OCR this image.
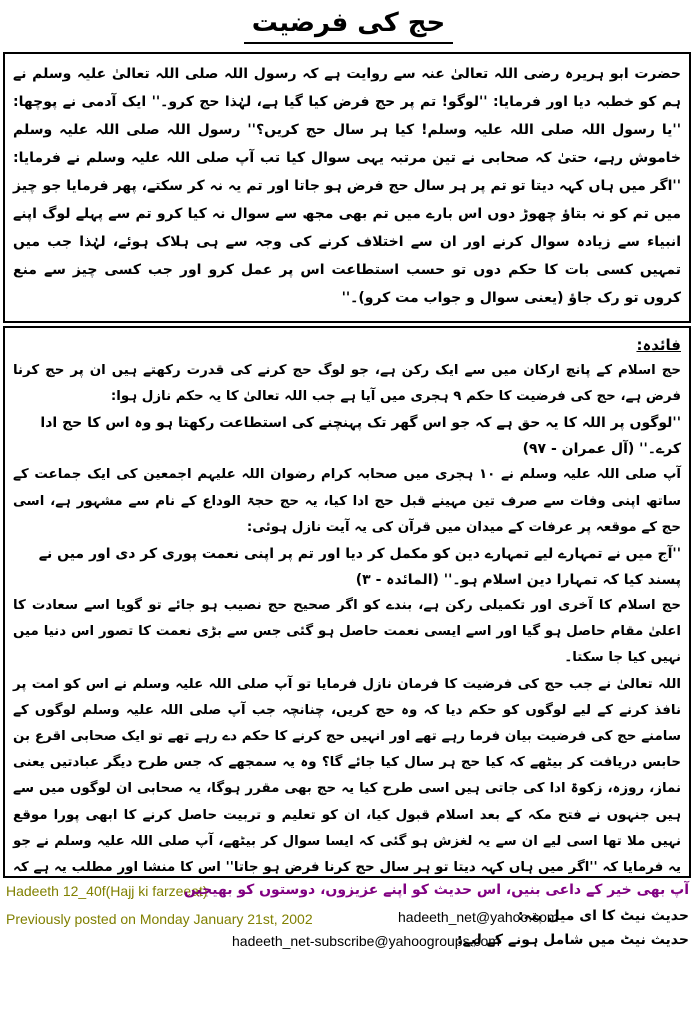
حج کی فرضیت

حضرت ابو ہریرہ رضی اللہ تعالیٰ عنہ سے روایت ہے کہ رسول اللہ صلی اللہ تعالیٰ علیہ وسلم نے ہم کو خطبہ دیا اور فرمایا: ''لوگو! تم پر حج فرض کیا گیا ہے، لہٰذا حج کرو۔'' ایک آدمی نے پوچھا: ''یا رسول اللہ صلی اللہ علیہ وسلم! کیا ہر سال حج کریں؟'' رسول اللہ صلی اللہ علیہ وسلم خاموش رہے، حتیٰ کہ صحابی نے تین مرتبہ یہی سوال کیا تب آپ صلی اللہ علیہ وسلم نے فرمایا: ''اگر میں ہاں کہہ دیتا تو تم پر ہر سال حج فرض ہو جاتا اور تم یہ نہ کر سکتے، پھر فرمایا جو چیز میں تم کو نہ بتاؤ چھوڑ دوں اس بارے میں تم بھی مجھ سے سوال نہ کیا کرو تم سے پہلے لوگ اپنے انبیاء سے زیادہ سوال کرنے اور ان سے اختلاف کرنے کی وجہ سے ہی ہلاک ہوئے، لہٰذا جب میں تمہیں کسی بات کا حکم دوں تو حسب استطاعت اس پر عمل کرو اور جب کسی چیز سے منع کروں تو رک جاؤ (یعنی سوال و جواب مت کرو)۔''

فائدہ:

حج اسلام کے پانچ ارکان میں سے ایک رکن ہے، جو لوگ حج کرنے کی قدرت رکھتے ہیں ان پر حج کرنا فرض ہے، حج کی فرضیت کا حکم ۹ ہجری میں آیا ہے جب اللہ تعالیٰ کا یہ حکم نازل ہوا:

''لوگوں پر اللہ کا یہ حق ہے کہ جو اس گھر تک پہنچنے کی استطاعت رکھتا ہو وہ اس کا حج ادا کرے۔'' (آل عمران - ۹۷)

آپ صلی اللہ علیہ وسلم نے ۱۰ ہجری میں صحابہ کرام رضوان اللہ علیہم اجمعین کی ایک جماعت کے ساتھ اپنی وفات سے صرف تین مہینے قبل حج ادا کیا، یہ حج حجۃ الوداع کے نام سے مشہور ہے، اسی حج کے موقعہ پر عرفات کے میدان میں قرآن کی یہ آیت نازل ہوئی:

''آج میں نے تمہارے لیے تمہارے دین کو مکمل کر دیا اور تم پر اپنی نعمت پوری کر دی اور میں نے پسند کیا کہ تمہارا دین اسلام ہو۔'' (المائدہ - ۳)

حج اسلام کا آخری اور تکمیلی رکن ہے، بندے کو اگر صحیح حج نصیب ہو جائے تو گویا اسے سعادت کا اعلیٰ مقام حاصل ہو گیا اور اسے ایسی نعمت حاصل ہو گئی جس سے بڑی نعمت کا تصور اس دنیا میں نہیں کیا جا سکتا۔

اللہ تعالیٰ نے جب حج کی فرضیت کا فرمان نازل فرمایا تو آپ صلی اللہ علیہ وسلم نے اس کو امت پر نافذ کرنے کے لیے لوگوں کو حکم دیا کہ وہ حج کریں، چنانچہ جب آپ صلی اللہ علیہ وسلم لوگوں کے سامنے حج کی فرضیت بیان فرما رہے تھے اور انہیں حج کرنے کا حکم دے رہے تھے تو ایک صحابی اقرع بن حابس دریافت کر بیٹھے کہ کیا حج ہر سال کیا جائے گا؟ وہ یہ سمجھے کہ جس طرح دیگر عبادتیں یعنی نماز، روزہ، زکوۃ ادا کی جاتی ہیں اسی طرح کیا یہ حج بھی مقرر ہوگا، یہ صحابی ان لوگوں میں سے ہیں جنہوں نے فتح مکہ کے بعد اسلام قبول کیا، ان کو تعلیم و تربیت حاصل کرنے کا ابھی پورا موقع نہیں ملا تھا اسی لیے ان سے یہ لغزش ہو گئی کہ ایسا سوال کر بیٹھے، آپ صلی اللہ علیہ وسلم نے جو یہ فرمایا کہ ''اگر میں ہاں کہہ دیتا تو ہر سال حج کرنا فرض ہو جاتا'' اس کا منشا اور مطلب یہ ہے کہ

Hadeeth 12_40f(Hajj ki farzeeat)
Previously posted on Monday January 21st, 2002
آپ بھی خیر کے داعی بنیں، اس حدیث کو اپنے عزیزوں، دوستوں کو بھیجیں
حدیث نیٹ کا ای میل پتہ:
hadeeth_net@yahoo.com
حدیث نیٹ میں شامل ہونے کے لیے:
hadeeth_net-subscribe@yahoogroups.com
